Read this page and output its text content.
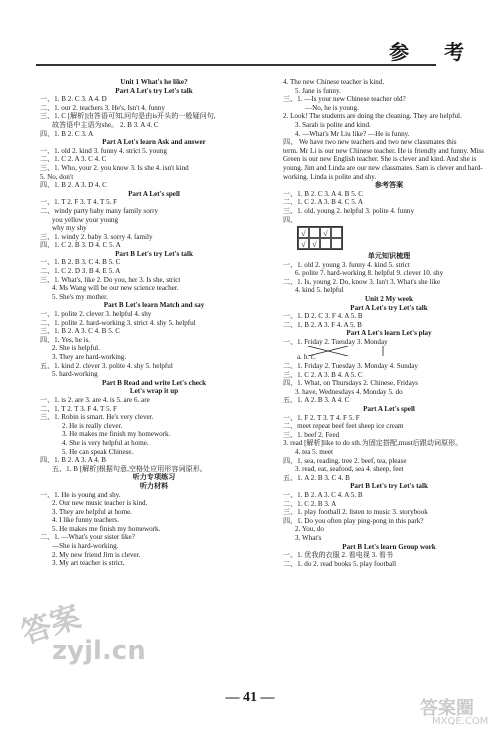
参 考
Unit 1 What's he like?
Part A Let's try Let's talk
一、1. B 2. C 3. A 4. D
二、1. our 2. teachers 3. He's, Isn't 4. funny
三、1. C [解析]由答语可知,问句是由is开头的一般疑问句,
故答语中主语为she。 2. B 3. A 4. C
四、1. B 2. C 3. A
Part A Let's learn Ask and answer
一、1. old 2. kind 3. funny 4. strict 5. young
二、1. C 2. A 3. C 4. C
三、1. Who, your 2. you know 3. Is she 4. isn't kind
5. No, don't
四、1. B 2. A 3. D 4. C
Part A Let's spell
一、1. T 2. F 3. T 4. T 5. F
二、windy party baby many family sorry
you yellow your young
why my shy
三、1. windy 2. baby 3. sorry 4. family
四、1. C 2. B 3. D 4. C 5. A
Part B Let's try Let's talk
一、1. B 2. B 3. C 4. B 5. C
二、1. C 2. D 3. B 4. E 5. A
三、1. What's, like 2. Do you, her 3. Is she, strict
4. Ms Wang will be our new science teacher.
5. She's my mother.
Part B Let's learn Match and say
一、1. polite 2. clever 3. helpful 4. shy
二、1. polite 2. hard-working 3. strict 4. shy 5. helpful
三、1. B 2. A 3. C 4. B 5. C
四、1. Yes, he is.
2. She is helpful.
3. They are hard-working.
五、1. kind 2. clever 3. polite 4. shy 5. helpful
5. hard-working
Part B Read and write Let's check
Let's wrap it up
一、1. is 2. are 3. are 4. is 5. are 6. are
二、1. T 2. T 3. F 4. T 5. F
三、1. Robin is smart. He's very clever.
2. He is really clever.
3. He makes me finish my homework.
4. She is very helpful at home.
5. He can speak Chinese.
四、1. B 2. A 3. A 4. B
五、1. B [解析]根据句意,空格处应用形容词原形。
听力专项练习
听力材料
一、1. He is young and shy.
2. Our new music teacher is kind.
3. They are helpful at home.
4. I like funny teachers.
5. He makes me finish my homework.
二、1. —What's your sister like?
—She is hard-working.
2. My new friend Jim is clever.
3. My art teacher is strict.
4. The new Chinese teacher is kind.
5. Jane is funny.
三、1. —Is your new Chinese teacher old?
—No, he is young.
2. Look! The students are doing the cleaning. They are helpful.
3. Sarah is polite and kind.
4. —What's Mr Liu like? —He is funny.
四、 We have two new teachers and two new classmates this
term. Mr Li is our new Chinese teacher. He is friendly and funny. Miss Green is our new English teacher. She is clever and kind. And she is young. Jim and Linda are our new classmates. Sam is clever and hard-working. Linda is polite and shy.
参考答案
一、1. B 2. C 3. A 4. B 5. C
二、1. C 2. A 3. B 4. C 5. A
三、1. old, young 2. helpful 3. polite 4. funny
四、
√	√
√ √
单元知识梳理
一、1. old 2. young 3. funny 4. kind 5. strict
6. polite 7. hard-working 8. helpful 9. clever 10. shy
二、1. Is, young 2. Do, know 3. Isn't 3. What's she like
4. kind 5. helpful
Unit 2 My week
Part A Let's try Let's talk
一、1. D 2. C 3. F 4. A 5. B
二、1. B 2. A 3. F 4. A 5. B
Part A Let's learn Let's play
一、 1. Friday 2. Tuesday 3. Monday
a. b. c.
二、1. Friday 2. Tuesday 3. Monday 4. Sunday
三、1. C 2. A 3. B 4. A 5. C
四、1. What, on Thursdays 2. Chinese, Fridays
3. have, Wednesdays 4. Monday 5. do
五、1. A 2. B 3. A 4. C
Part A Let's spell
一、1. F 2. T 3. T 4. F 5. F
二、meet repeat beef feet sheep ice cream
三、1. beef 2. Feed
3. read [解析]like to do sth.为固定搭配,must后跟动词原形。
4. tea 5. meet
四、1. sea, reading, tree 2. beef, tea, please
3. read, eat, seafood, sea 4. sheep, feet
五、1. A 2. B 3. C 4. B
Part B Let's try Let's talk
一、1. B 2. A 3. C 4. A 5. B
二、1. C 2. B 3. A
三、1. play football 2. listen to music 3. storybook
四、1. Do you often play ping-pong in this park?
2. You, do
3. What's
Part B Let's learn Group work
一、1. 优我的衣服 2. 看电视 3. 看书
二、1. do 2. read books 5. play football
答案
zyjl.cn
答案圈
MXQE.COM
— 41 —
